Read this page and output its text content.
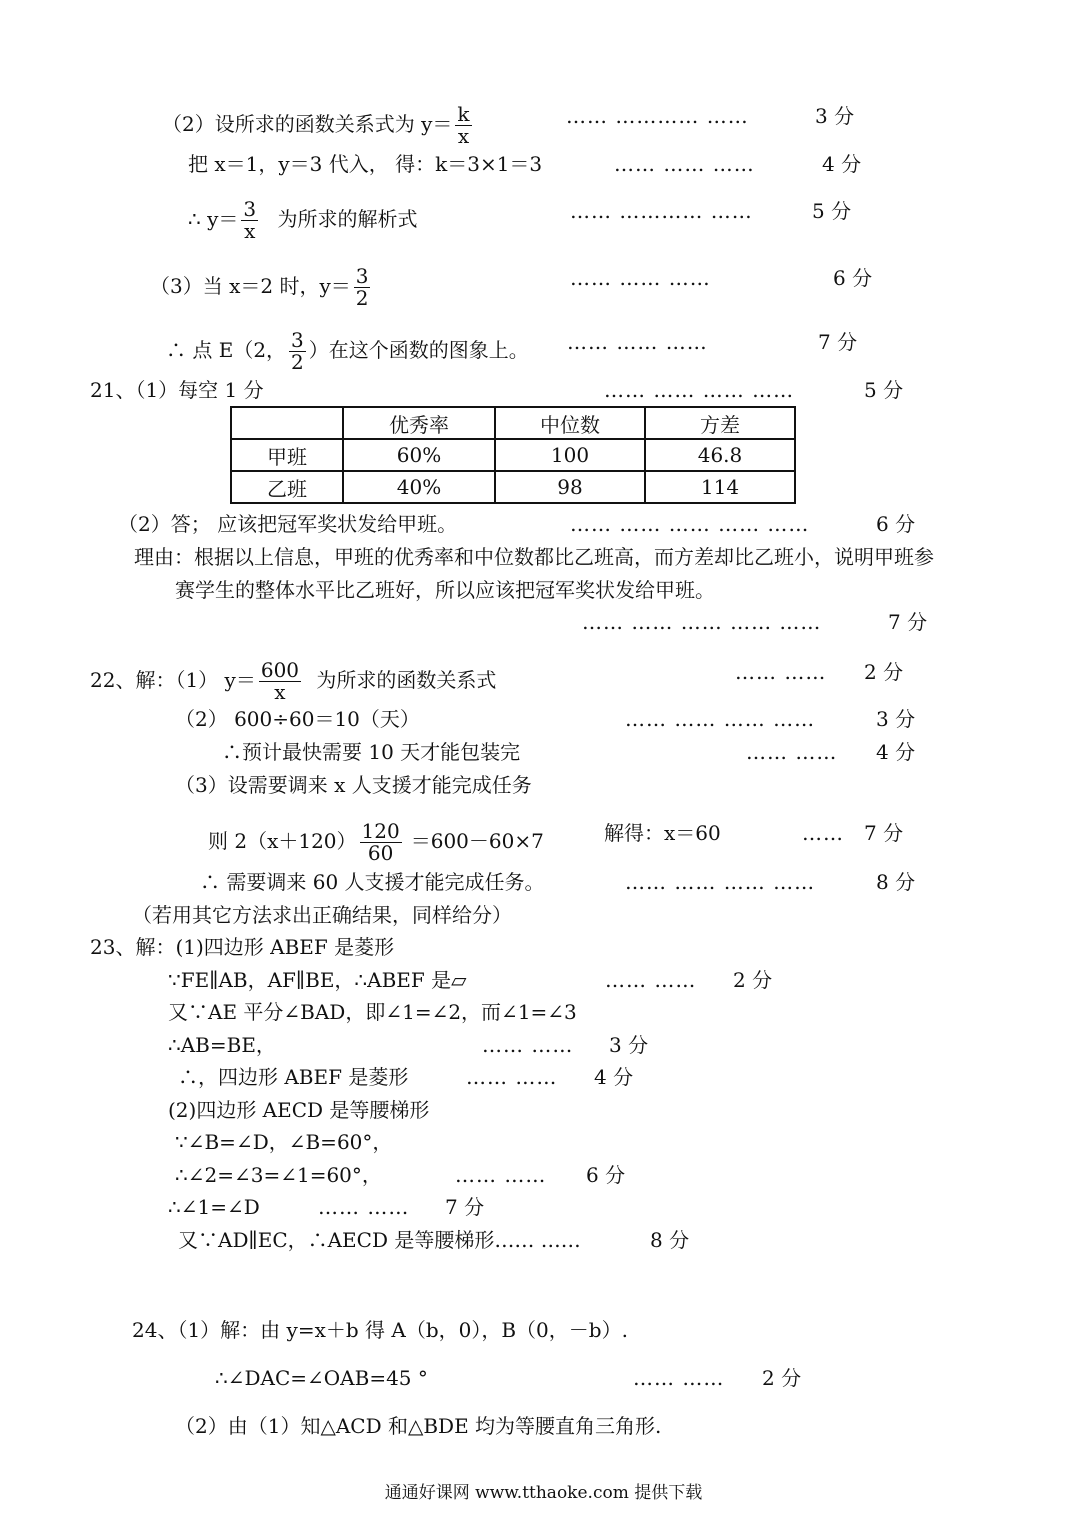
（2）设所求的函数关系式为 $y= \frac{k}{x}$	…… ………… ……	3 分
把 x＝1，y＝3 代入， 得：k＝3×1＝3	…… …… ……	4 分
∴ $y= \frac{3}{x}$ 为所求的解析式	…… ………… ……	5 分
（3）当 x＝2 时，$y= \frac{3}{2}$	…… …… ……	6 分
∴ 点 E（2， $\frac{3}{2}$ ）在这个函数的图象上。 …… …… ……	7 分
21、（1）每空 1 分	…… …… …… ……	5 分
	优秀率	中位数	方差
甲班	60%	100	46.8
乙班	40%	98	114
（2）答； 应该把冠军奖状发给甲班。	…… …… …… …… ……	6 分
理由：根据以上信息，甲班的优秀率和中位数都比乙班高，而方差却比乙班小，说明甲班参
赛学生的整体水平比乙班好，所以应该把冠军奖状发给甲班。
…… …… …… …… ……	7 分
22、解：（1） $y= \frac{600}{x}$ 为所求的函数关系式	…… …… 2 分
（2） 600÷60＝10（天）	…… …… …… ……	3 分
∴预计最快需要 10 天才能包装完	…… …… 4 分
（3）设需要调来 x 人支援才能完成任务
则 $2(x+120) \frac{120}{60} =600-60\times 7$	解得：x＝60	…… 7 分
∴ 需要调来 60 人支援才能完成任务。	…… …… …… ……	8 分
（若用其它方法求出正确结果，同样给分）
23、解：(1)四边形 ABEF 是菱形
∵FE∥AB，AF∥BE，∴ABEF 是▱	…… …… 2 分
又∵AE 平分∠BAD，即∠1=∠2，而∠1=∠3
∴AB=BE，	…… …… 3 分
∴，四边形 ABEF 是菱形	…… …… 4 分
(2)四边形 AECD 是等腰梯形
∵∠B=∠D，∠B=60°，
∴∠2=∠3=∠1=60°，	…… …… 6 分
∴∠1=∠D	…… …… 7 分
又∵AD∥EC，∴AECD 是等腰梯形…… ……	8 分
24、（1）解：由 y=x＋b 得 A（b，0），B（0，－b）.
∴∠DAC=∠OAB=45 °	…… …… 2 分
（2）由（1）知△ACD 和△BDE 均为等腰直角三角形.
通通好课网 www.tthaoke.com 提供下载
